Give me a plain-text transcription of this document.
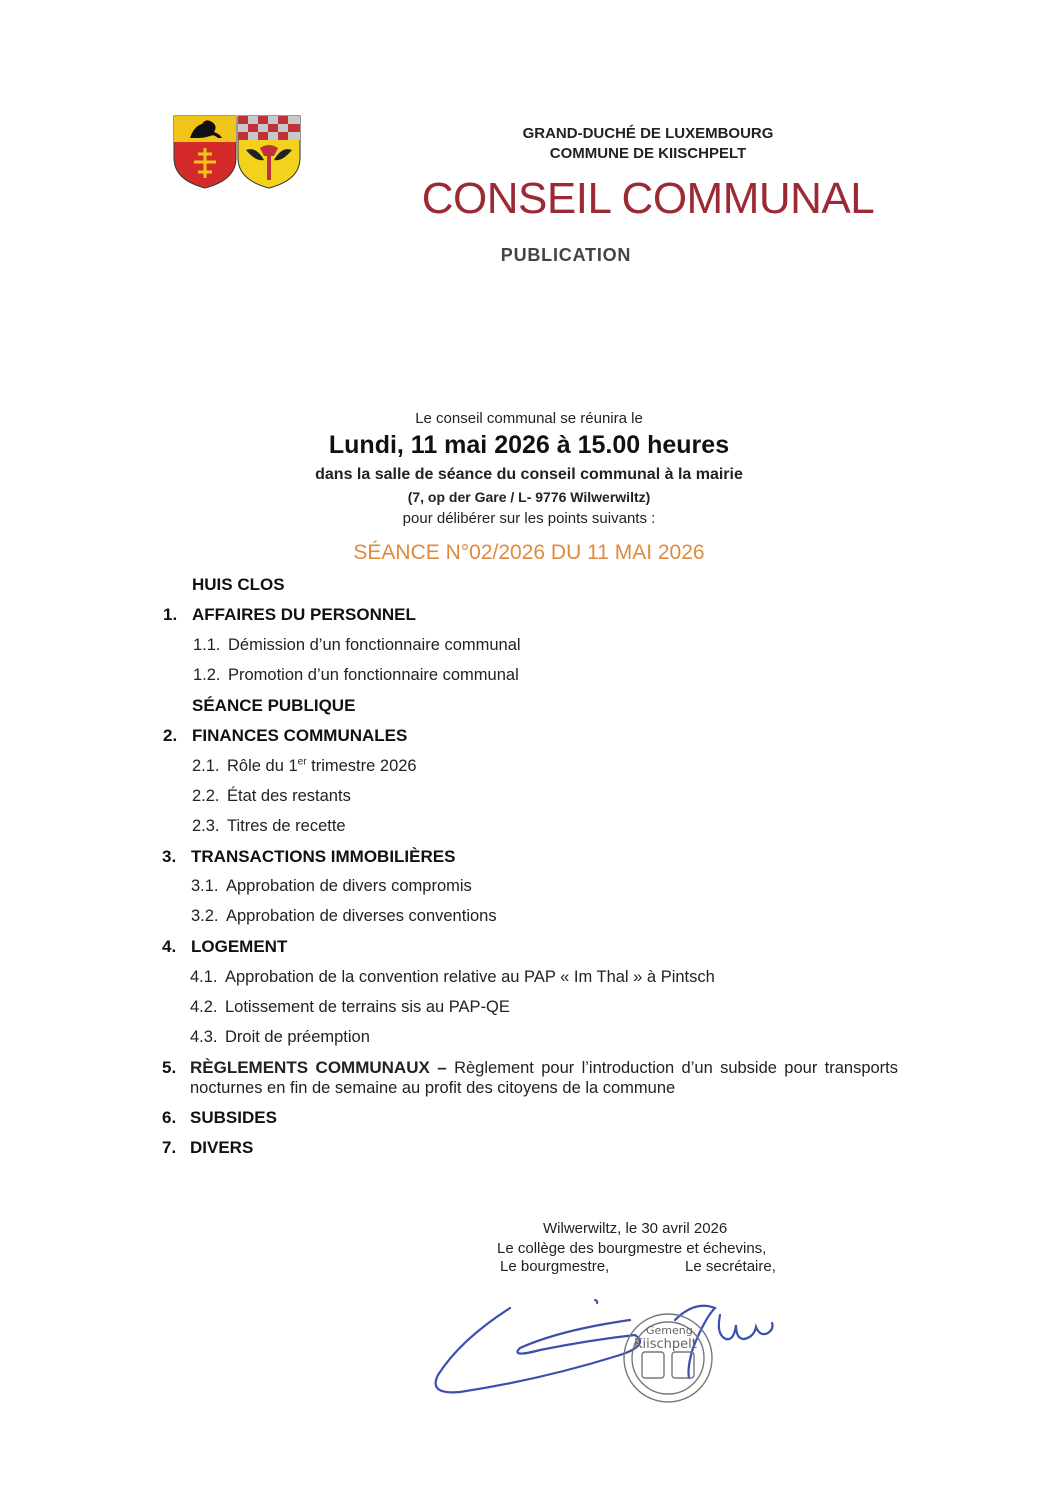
GRAND-DUCHÉ DE LUXEMBOURG
COMMUNE DE KIISCHPELT
CONSEIL COMMUNAL
PUBLICATION
Le conseil communal se réunira le
Lundi, 11 mai 2026 à 15.00 heures
dans la salle de séance du conseil communal à la mairie
(7, op der Gare / L- 9776 Wilwerwiltz)
pour délibérer sur les points suivants :
SÉANCE N°02/2026 DU 11 MAI 2026
HUIS CLOS
1. AFFAIRES DU PERSONNEL
1.1. Démission d’un fonctionnaire communal
1.2. Promotion d’un fonctionnaire communal
SÉANCE PUBLIQUE
2. FINANCES COMMUNALES
2.1. Rôle du 1er trimestre 2026
2.2. État des restants
2.3. Titres de recette
3. TRANSACTIONS IMMOBILIÈRES
3.1. Approbation de divers compromis
3.2. Approbation de diverses conventions
4. LOGEMENT
4.1. Approbation de la convention relative au PAP « Im Thal » à Pintsch
4.2. Lotissement de terrains sis au PAP-QE
4.3. Droit de préemption
5. RÈGLEMENTS COMMUNAUX – Règlement pour l’introduction d’un subside pour transports nocturnes en fin de semaine au profit des citoyens de la commune
6. SUBSIDES
7. DIVERS
Wilwerwiltz, le 30 avril 2026
Le collège des bourgmestre et échevins,
Le bourgmestre,	Le secrétaire,
Gemeng
Kiischpelt
